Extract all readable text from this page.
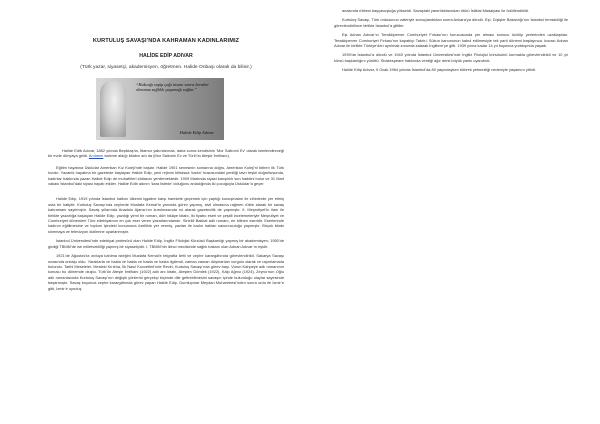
KURTULUŞ SAVAŞI’NDA KAHRAMAN KADINLARIMIZ
HALİDE EDİP ADIVAR
(Türk yazar, siyasetçi, akademisyen, öğretmen. Halide Onbaşı olarak da bilinir.)
“Hakcağı sopip çağı insanı sonra beraber olmamız sağlıklı yaşamağı sağlar.”
Halide Edip Adıvar

Halide Edib Adıvar, 1882 yılında Beşiktaş’ta, İttamur yakınlarında, daha sonra kendisinin ‘Mor Salkımlı Ev’ olarak isimlendireceği bir evde dünyaya geldi. Anılarını kaleme aldığı kitabın adı da (Mor Salkımlı Ev ve Türk’ün Ateşle İmtihanı).

Eğitim hayatına Üsküdar Amerikan Kız Koleji’nde başlar. Halide 1901 senesinin sonlarına doğru, Amerikan Koleji’ni bitiren ilk Türk kızıdır. Yazarlık hayatına bir gazetede başlayan Halide Edip, yeni rejimin bilhassa ‘kadın’ hususundaki yeniliği tavrı teşkil doğrultusunda, kadınlar hakkında yazan Halide Edip de muhafirleri iddiasını yenilemektedir. 1909 Martında siyasi karışıklık son haddini bulur ve 31 Mart vakası İstanbul’daki siyasi hayatı etkiler. Halide Edib adının ‘kara listede’ olduğunu anladığında iki çocuğuyla Üsküdar’a geçer.

Halide Edip, 1919 yılında İstanbul halkını ülkenin işgaline karşı harekete geçirmek için yaptığı konuşmaları ile zihinlerde yer etmiş usta bir hatiptir. Kurtuluş Savaşı’nda cephede Mustafa Kemal’in yanında görev yapmış, sivil olmasına rağmen rütbe alarak bir savaş kahramanı sayılmıştır. Savaş yıllarında Anadolu Ajansı’nın kurulmasında rol alarak gazetecilik de yapmıştır. II. Meşrutiyet’in ilanı ile birlikte yazarlığa başlayan Halide Edip, yazdığı yirmi bir roman, dört hikâye kitabı, iki tiyatro eseri ve çeşitli incelemeleriyle Meşrutiyet ve Cumhuriyet dönemleri Türk edebiyatının en çok eser veren yazarlarındandır. Sinekli Bakkal adlı romanı, en bilinen eseridir. Eserlerinde kadının eğitilmesine ve toplum içindeki konumuna özellikle yer vermiş, yazları ile kadın hakları savunuculuğu yapmıştır. Birçok kitabı sinemaya ve televizyon dizilerine uyarlanmıştır.

İstanbul Üniversitesi’nde edebiyat profesörü olan Halide Edip, İngiliz Filolojisi Kürsüsü Başkanlığı yapmış bir akademisyen; 1950’de girdiği TBMM’de ise milletvekilliği yapmış bir siyasetçidir. I. TBMM’nin ikinci meclisinde sağlık bakanı olan Adnan Adıvar’ın eşidir.

1921’de Ağustos’ta orduya katılma isteğini Mustafa Kemal’e telgrafla iletti ve cephe karargâhında görevlendirildi. Sakarya Savaşı sırasında onbaşı oldu. Yaralılarla ve hasta ve hasta ve hasta ve hasta ilgilendi, zaman zaman düşmanları vurgulu olarak ve raporlamada bulundu. Tarihi Meseleler, Mesleki Kırılma, İlk Nasıl Kuvvetleri’nde Reviri, Kurtuluş Savaşı’nda görev başı. Vurun Kahpeye adlı romanının konusu bu dönemde oluştu. Türk’ün Ateşle İmtihanı (1922) adlı anı kitabı, Ateşten Gömlek (1922), Kalp Ağrısı (1924), Zeyno’nun Oğlu adlı romanlarında Kurtuluş Savaşı’nın değişik yönlerini gerçekçi biçimde dile getirebilmesini savaşın içinde bulunduğu olaylar sayesinde başarmıştır. Savaş boyunca cephe karargâhında görev yapan Halide Edip, Dumlupınar Meydan Muharebesi’nden sonra ordu ile İzmir’e gitti, İzmir’e uyruluş

anasında rütbesi başçavuşluğa yükseldi. Savaştaki yararlılıklarından ötürü İstiklal Madalyası ile ödüllendirildi.

Kurtuluş Savaşı, Türk ordusunun zaferiyle sonuçlandıktan sonra Ankara’ya döndü. Eşi, Dışişler Bakanlığı’nın İstanbul temsilciliği ile görevlendirilince birlikte İstanbul’a gittiler.

Eşi Adnan Adıvar’ın Terakkiperver Cumhuriyet Fırkası’nın kurucusunda yer alması sonucu üzülüp yerlerinden uzaklaştılar. Terakkiperver Cumhuriyet Fırkası’nın kapatılıp Takrir-i Sükun kanununun kabul edilmesiyle tek parti dönemi başlayınca, kocası Adnan Adıvar ile birlikte Türkiye’den ayrılmak zorunda kalarak İngiltere’ye gitti. 1939 yılına kadar 14 yıl boyunca yurtdışında yaşadı.

1939’da İstanbul’a döndü ve 1940 yılında İstanbul Üniversitesi’nde İngiliz Filolojisi kürsüsünü kurmakla görevlendirildi ve 10 yıl kürsü başkanlığını yürüttü. Shakespeare hakkında verdiği ağır dersi büyük yankı uyandırdı.

Halide Edip Adıvar, 9 Ocak 1964 yılında İstanbul’da 80 yaşındayken böbrek yetmezliği nedeniyle yaşamını yitirdi.
